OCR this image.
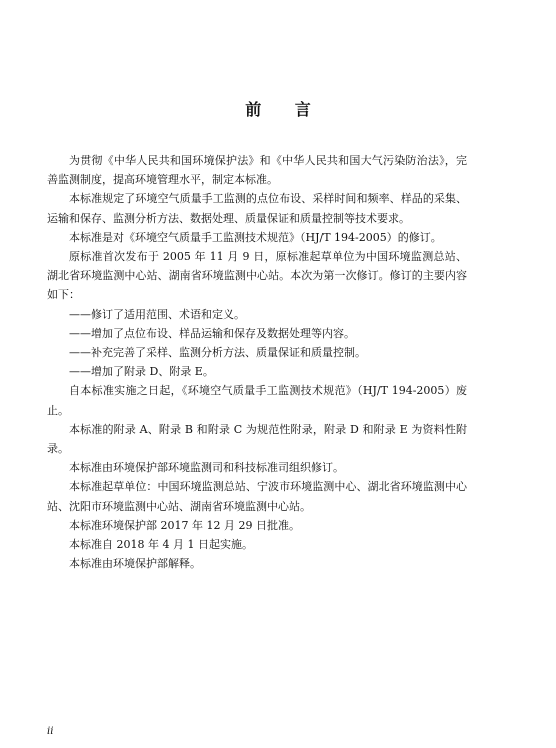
前 言

为贯彻《中华人民共和国环境保护法》和《中华人民共和国大气污染防治法》，完善监测制度，提高环境管理水平，制定本标准。

本标准规定了环境空气质量手工监测的点位布设、采样时间和频率、样品的采集、运输和保存、监测分析方法、数据处理、质量保证和质量控制等技术要求。

本标准是对《环境空气质量手工监测技术规范》（HJ/T 194-2005）的修订。

原标准首次发布于 2005 年 11 月 9 日，原标准起草单位为中国环境监测总站、湖北省环境监测中心站、湖南省环境监测中心站。本次为第一次修订。修订的主要内容如下：

——修订了适用范围、术语和定义。

——增加了点位布设、样品运输和保存及数据处理等内容。

——补充完善了采样、监测分析方法、质量保证和质量控制。

——增加了附录 D、附录 E。

自本标准实施之日起，《环境空气质量手工监测技术规范》（HJ/T 194-2005）废止。

本标准的附录 A、附录 B 和附录 C 为规范性附录，附录 D 和附录 E 为资料性附录。

本标准由环境保护部环境监测司和科技标准司组织修订。

本标准起草单位：中国环境监测总站、宁波市环境监测中心、湖北省环境监测中心站、沈阳市环境监测中心站、湖南省环境监测中心站。

本标准环境保护部 2017 年 12 月 29 日批准。

本标准自 2018 年 4 月 1 日起实施。

本标准由环境保护部解释。

ii
